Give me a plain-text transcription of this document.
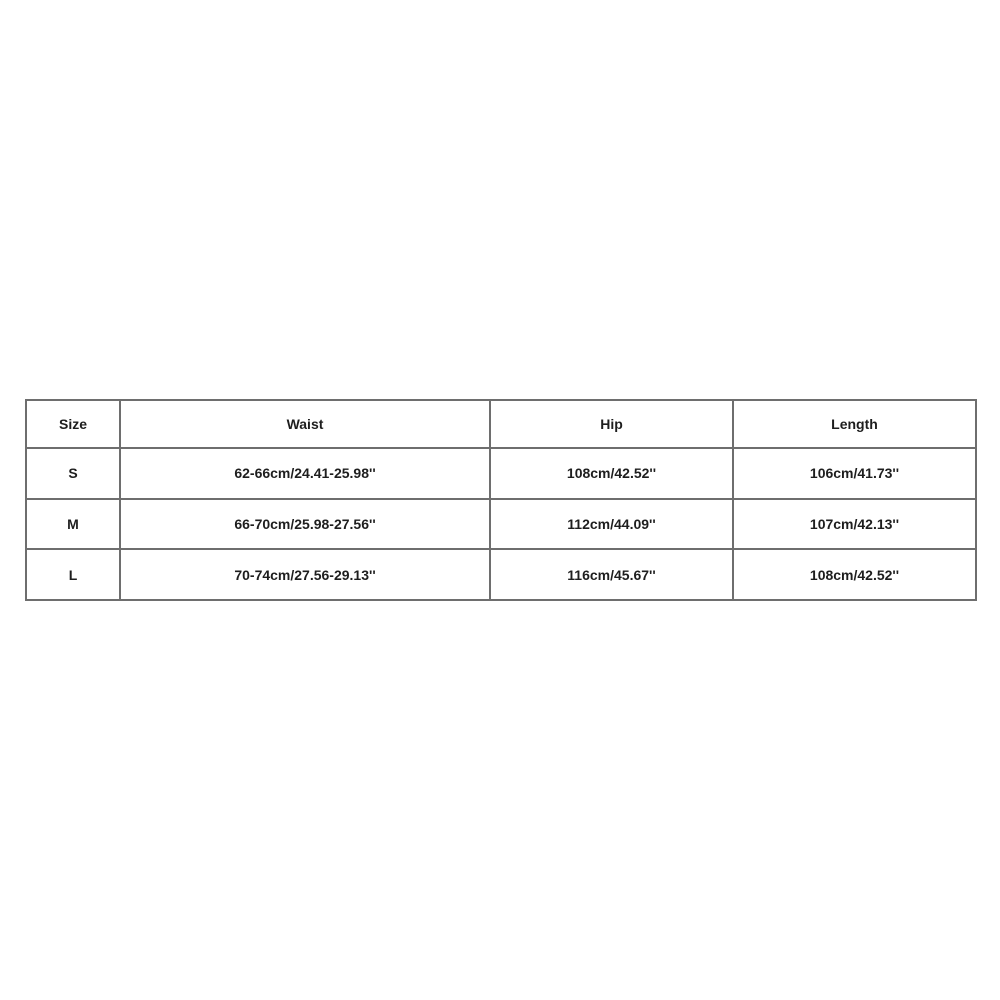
Size	Waist	Hip	Length
S	62-66cm/24.41-25.98''	108cm/42.52''	106cm/41.73''
M	66-70cm/25.98-27.56''	112cm/44.09''	107cm/42.13''
L	70-74cm/27.56-29.13''	116cm/45.67''	108cm/42.52''
